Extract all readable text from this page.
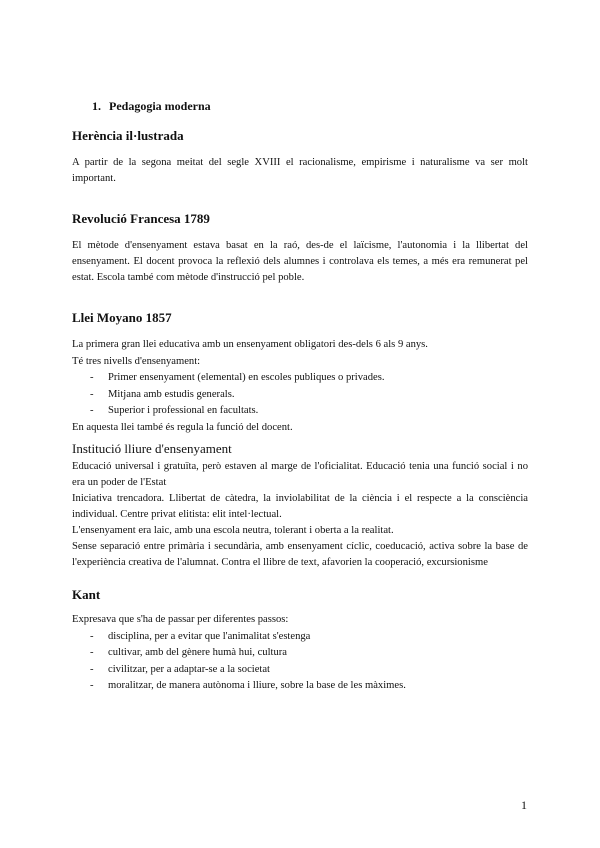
1. Pedagogia moderna
Herència il·lustrada
A partir de la segona meitat del segle XVIII el racionalisme, empirisme i naturalisme va ser molt important.
Revolució Francesa 1789
El mètode d'ensenyament estava basat en la raó, des-de el laïcisme, l'autonomia i la llibertat del ensenyament. El docent provoca la reflexió dels alumnes i controlava els temes, a més era remunerat pel estat. Escola també com mètode d'instrucció pel poble.
Llei Moyano 1857
La primera gran llei educativa amb un ensenyament obligatori des-dels 6 als 9 anys.
Té tres nivells d'ensenyament:
- Primer ensenyament (elemental) en escoles publiques o privades.
- Mitjana amb estudis generals.
- Superior i professional en facultats.
En aquesta llei també és regula la funció del docent.
Institució lliure d'ensenyament
Educació universal i gratuïta, però estaven al marge de l'oficialitat. Educació tenia una funció social i no era un poder de l'Estat
Iniciativa trencadora. Llibertat de càtedra, la inviolabilitat de la ciència i el respecte a la consciència individual. Centre privat elitista: elit intel·lectual.
L'ensenyament era laic, amb una escola neutra, tolerant i oberta a la realitat.
Sense separació entre primària i secundària, amb ensenyament cíclic, coeducació, activa sobre la base de l'experiència creativa de l'alumnat. Contra el llibre de text, afavorien la cooperació, excursionisme
Kant
Expresava que s'ha de passar per diferentes passos:
- disciplina, per a evitar que l'animalitat s'estenga
- cultivar, amb del gènere humà hui, cultura
- civilitzar, per a adaptar-se a la societat
- moralitzar, de manera autònoma i lliure, sobre la base de les màximes.
1
